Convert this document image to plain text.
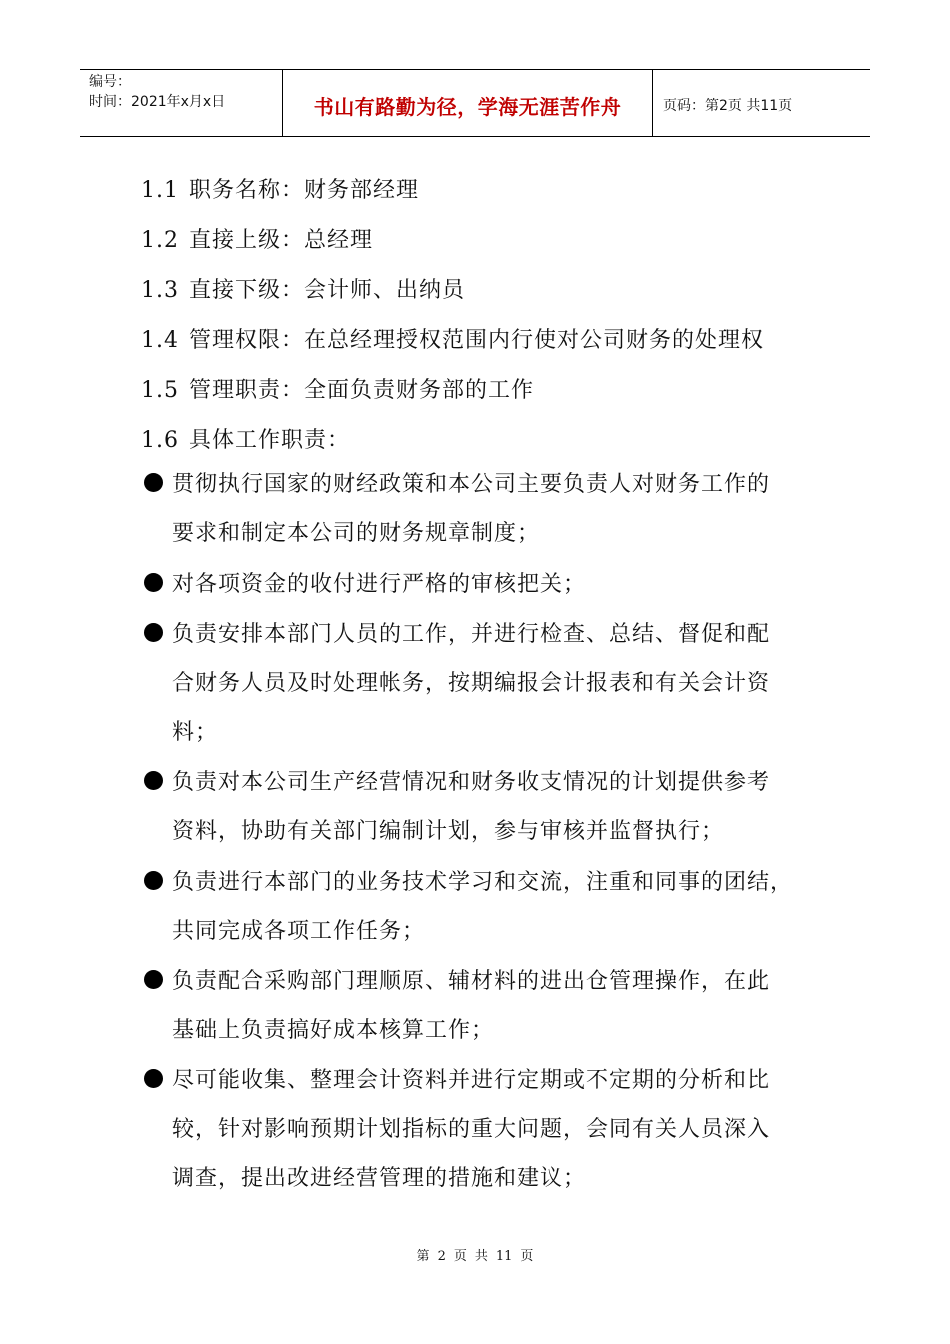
编号：
时间：2021年x月x日	书山有路勤为径，学海无涯苦作舟	页码：第2页 共11页
1.1职务名称：财务部经理
1.2 直接上级：总经理
1.3 直接下级：会计师、出纳员
1.4 管理权限：在总经理授权范围内行使对公司财务的处理权
1.5 管理职责：全面负责财务部的工作
1.6 具体工作职责：
贯彻执行国家的财经政策和本公司主要负责人对财务工作的
要求和制定本公司的财务规章制度；
对各项资金的收付进行严格的审核把关；
负责安排本部门人员的工作，并进行检查、总结、督促和配
合财务人员及时处理帐务，按期编报会计报表和有关会计资
料；
负责对本公司生产经营情况和财务收支情况的计划提供参考
资料，协助有关部门编制计划，参与审核并监督执行；
负责进行本部门的业务技术学习和交流，注重和同事的团结，
共同完成各项工作任务；
负责配合采购部门理顺原、辅材料的进出仓管理操作，在此
基础上负责搞好成本核算工作；
尽可能收集、整理会计资料并进行定期或不定期的分析和比
较，针对影响预期计划指标的重大问题，会同有关人员深入
调查，提出改进经营管理的措施和建议；
第 2 页 共 11 页
